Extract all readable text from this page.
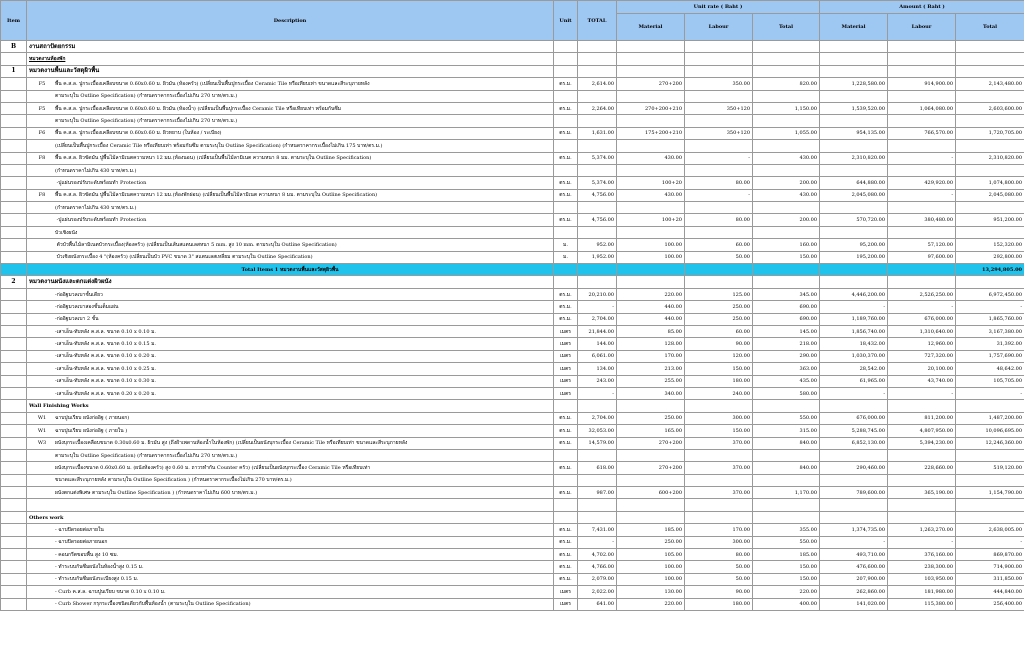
Item	Description	Unit	TOTAL	Unit rate ( Baht )			Amount ( Baht )		
				Material	Labour	Total	Material	Labour	Total
B	งานสถาปัตยกรรม								
	หมวดงานห้องพัก								
1	หมวดงานพื้นและวัสดุผิวพื้น								
	F5 พื้น ค.ส.ล. ปูกระเบื้องเคลือบขนาด 0.60x0.60 ม. ผิวมัน (ห้องครัว) (เปลี่ยนเป็นพื้นปูกระเบื้อง Ceramic Tile หรือเทียบเท่า ขนาดและสีระบุภายหลัง	ตร.ม.	2,614.00	270+200	350.00	820.00	1,228,580.00	914,900.00	2,143,480.00
	ตามระบุใน Outline Specification) (กำหนดราคากระเบื้องไม่เกิน 270 บาท/ตร.ม.)								
	F5 พื้น ค.ส.ล. ปูกระเบื้องเคลือบขนาด 0.60x0.60 ม. ผิวมัน (ห้องน้ำ) (เปลี่ยนเป็นพื้นปูกระเบื้อง Ceramic Tile หรือเทียบเท่า พร้อมกันซึม	ตร.ม.	2,264.00	270+200+210	350+120	1,150.00	1,539,520.00	1,064,080.00	2,603,600.00
	ตามระบุใน Outline Specification) (กำหนดราคากระเบื้องไม่เกิน 270 บาท/ตร.ม.)								
	F6 พื้น ค.ส.ล. ปูกระเบื้องเคลือบขนาด 0.60x0.60 ม. ผิวหยาบ (ในห้อง / ระเบียง)	ตร.ม.	1,631.00	175+200+210	350+120	1,055.00	954,135.00	766,570.00	1,720,705.00
	(เปลี่ยนเป็นพื้นปูกระเบื้อง Ceramic Tile หรือเทียบเท่า พร้อมกันซึม ตามระบุใน Outline Specification) (กำหนดราคากระเบื้องไม่เกิน 175 บาท/ตร.ม.)								
	F8 พื้น ค.ส.ล. ผิวขัดมัน ปูพื้นไม้ลามิเนตความหนา 12 มม.(ห้องนอน) (เปลี่ยนเป็นพื้นไม้ลามิเนต ความหนา 8 มม. ตามระบุใน Outline Specification)	ตร.ม.	5,374.00	430.00	-	430.00	2,310,820.00	-	2,310,820.00
	(กำหนดราคาไม่เกิน 430 บาท/ตร.ม.)								
	-ปูแผ่นรองปรับระดับพร้อมทำ Protection	ตร.ม.	5,374.00	100+20	80.00	200.00	644,880.00	429,920.00	1,074,800.00
	F8 พื้น ค.ส.ล. ผิวขัดมัน ปูพื้นไม้ลามิเนตความหนา 12 มม.(ห้องพักผ่อน) (เปลี่ยนเป็นพื้นไม้ลามิเนต ความหนา 8 มม. ตามระบุใน Outline Specification)	ตร.ม.	4,756.00	430.00	-	430.00	2,045,080.00	-	2,045,080.00
	(กำหนดราคาไม่เกิน 430 บาท/ตร.ม.)								
	-ปูแผ่นรองปรับระดับพร้อมทำ Protection	ตร.ม.	4,756.00	100+20	80.00	200.00	570,720.00	380,480.00	951,200.00
	บัวเชิงผนัง								
	ตัวบัวพื้นไม้ลามิเนตบัวกระเบื้อง(ห้องครัว) (เปลี่ยนเป็นเส้นสแตนเลสหนา 5 mm. สูง 10 mm. ตามระบุใน Outline Specification)	ม.	952.00	100.00	60.00	160.00	95,200.00	57,120.00	152,320.00
	บัวเชิงผนังกระเบื้อง 4 "(ห้องครัว) (เปลี่ยนเป็นบัว PVC ขนาด 3" สแตนเลสเหลี่ยม ตามระบุใน Outline Specification)	ม.	1,952.00	100.00	50.00	150.00	195,200.00	97,600.00	292,800.00
	Total Items 1 หมวดงานพื้นและวัสดุผิวพื้น								13,294,805.00
2	หมวดงานผนังและตกแต่งผิวผนัง								
	-ก่ออิฐมวลเบาชั้นเดียว	ตร.ม.	20,210.00	220.00	125.00	345.00	4,446,200.00	2,526,250.00	6,972,450.00
	-ก่ออิฐมวลเบาสองชั้นเต็มแผ่น	ตร.ม.	-	440.00	250.00	690.00	-	-	-
	-ก่ออิฐมวลเบา 2 ชั้น	ตร.ม.	2,704.00	440.00	250.00	690.00	1,189,760.00	676,000.00	1,865,760.00
	-เสาเอ็น-ทับหลัง ค.ส.ล. ขนาด 0.10 x 0.10 ม.	เมตร	21,844.00	85.00	60.00	145.00	1,856,740.00	1,310,640.00	3,167,380.00
	-เสาเอ็น-ทับหลัง ค.ส.ล. ขนาด 0.10 x 0.15 ม.	เมตร	144.00	128.00	90.00	218.00	18,432.00	12,960.00	31,392.00
	-เสาเอ็น-ทับหลัง ค.ส.ล. ขนาด 0.10 x 0.20 ม.	เมตร	6,061.00	170.00	120.00	290.00	1,030,370.00	727,320.00	1,757,690.00
	-เสาเอ็น-ทับหลัง ค.ส.ล. ขนาด 0.10 x 0.25 ม.	เมตร	134.00	213.00	150.00	363.00	28,542.00	20,100.00	48,642.00
	-เสาเอ็น-ทับหลัง ค.ส.ล. ขนาด 0.10 x 0.30 ม.	เมตร	243.00	255.00	180.00	435.00	61,965.00	43,740.00	105,705.00
	-เสาเอ็น-ทับหลัง ค.ส.ล. ขนาด 0.20 x 0.20 ม.	เมตร	-	340.00	240.00	580.00	-	-	-
	Wall Finishing Works								
	W1 ฉาบปูนเรียบ ผนังก่ออิฐ ( ภายนอก)	ตร.ม.	2,704.00	250.00	300.00	550.00	676,000.00	811,200.00	1,487,200.00
	W1 ฉาบปูนเรียบ ผนังก่ออิฐ ( ภายใน )	ตร.ม.	32,053.00	165.00	150.00	315.00	5,288,745.00	4,807,950.00	10,096,695.00
	W3 ผนังบุกระเบื้องเคลือบขนาด 0.30x0.60 ม. ผิวมัน สูง (ถึงฝ้าเพดานห้องน้ำในห้องพัก) (เปลี่ยนเป็นผนังบุกระเบื้อง Ceramic Tile หรือเทียบเท่า ขนาดและสีระบุภายหลัง	ตร.ม.	14,579.00	270+200	370.00	840.00	6,852,130.00	5,394,230.00	12,246,360.00
	ตามระบุใน Outline Specification) (กำหนดราคากระเบื้องไม่เกิน 270 บาท/ตร.ม.)								
	ผนังบุกระเบื้องขนาด 0.60x0.60 ม. (ผนังห้องครัว) สูง 0.60 ม. ถาวรทำกัน Counter ครัว) (เปลี่ยนเป็นผนังบุกระเบื้อง Ceramic Tile หรือเทียบเท่า	ตร.ม.	618.00	270+200	370.00	840.00	290,460.00	228,660.00	519,120.00
	ขนาดและสีระบุภายหลัง ตามระบุใน Outline Specification ) (กำหนดราคากระเบื้องไม่เกิน 270 บาท/ตร.ม.)								
	ผนังตกแต่งพิเศษ ตามระบุใน Outline Specification ) (กำหนดราคาไม่เกิน 600 บาท/ตร.ม.)	ตร.ม.	987.00	600+200	370.00	1,170.00	789,600.00	365,190.00	1,154,790.00

	Others work								
	- ฉาบปิดรอยต่อภายใน	ตร.ม.	7,431.00	185.00	170.00	355.00	1,374,735.00	1,263,270.00	2,638,005.00
	- ฉาบปิดรอยต่อภายนอก	ตร.ม.	-	250.00	300.00	550.00	-	-	-
	- คอนกรีตขอบพื้น สูง 10 ซม.	ตร.ม.	4,702.00	105.00	80.00	185.00	493,710.00	376,160.00	869,870.00
	- ทำระบบกันซึมผนังในห้องน้ำสูง 0.15 ม.	ตร.ม.	4,766.00	100.00	50.00	150.00	476,600.00	238,300.00	714,900.00
	- ทำระบบกันซึมผนังระเบียงสูง 0.15 ม.	ตร.ม.	2,079.00	100.00	50.00	150.00	207,900.00	103,950.00	311,850.00
	- Curb ค.ส.ล. ฉาบปูนเรียบ ขนาด 0.10 x 0.10 ม.	เมตร	2,022.00	130.00	90.00	220.00	262,860.00	181,980.00	444,840.00
	- Curb Shower กรุกระเบื้องชนิดเดียวกับพื้นห้องน้ำ (ตามระบุใน Outline Specification)	เมตร	641.00	220.00	180.00	400.00	141,020.00	115,380.00	256,400.00
